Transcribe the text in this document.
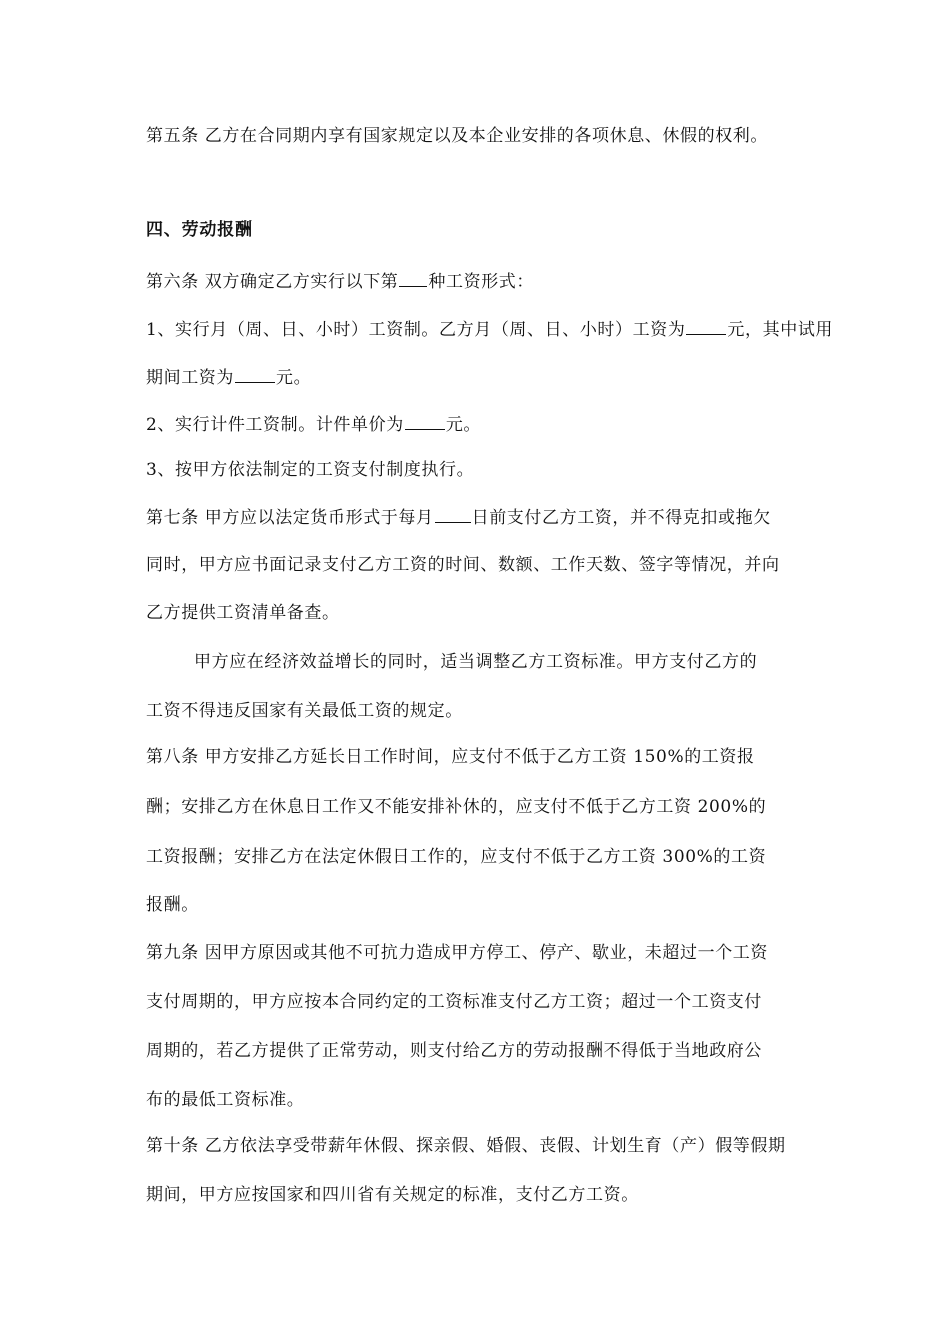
第五条 乙方在合同期内享有国家规定以及本企业安排的各项休息、休假的权利。
四、劳动报酬
第六条 双方确定乙方实行以下第 种工资形式：
1、实行月（周、日、小时）工资制。乙方月（周、日、小时）工资为 元，其中试用
期间工资为 元。
2、实行计件工资制。计件单价为 元。
3、按甲方依法制定的工资支付制度执行。
第七条 甲方应以法定货币形式于每月 日前支付乙方工资，并不得克扣或拖欠
同时，甲方应书面记录支付乙方工资的时间、数额、工作天数、签字等情况，并向
乙方提供工资清单备查。
甲方应在经济效益增长的同时，适当调整乙方工资标准。甲方支付乙方的
工资不得违反国家有关最低工资的规定。
第八条 甲方安排乙方延长日工作时间，应支付不低于乙方工资 150%的工资报
酬；安排乙方在休息日工作又不能安排补休的，应支付不低于乙方工资 200%的
工资报酬；安排乙方在法定休假日工作的，应支付不低于乙方工资 300%的工资
报酬。
第九条 因甲方原因或其他不可抗力造成甲方停工、停产、歇业，未超过一个工资
支付周期的，甲方应按本合同约定的工资标准支付乙方工资；超过一个工资支付
周期的，若乙方提供了正常劳动，则支付给乙方的劳动报酬不得低于当地政府公
布的最低工资标准。
第十条 乙方依法享受带薪年休假、探亲假、婚假、丧假、计划生育（产）假等假期
期间，甲方应按国家和四川省有关规定的标准，支付乙方工资。
